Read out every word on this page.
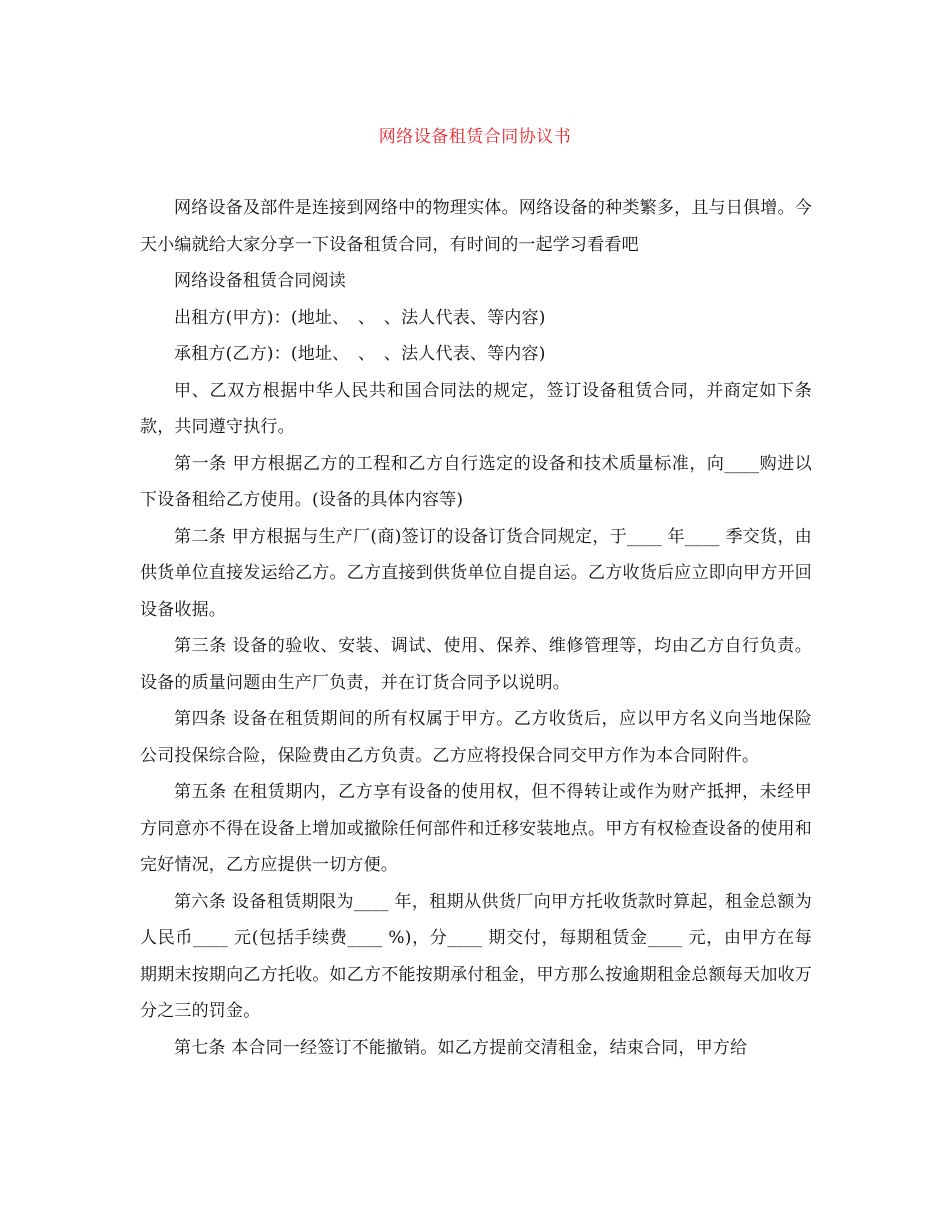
网络设备租赁合同协议书

网络设备及部件是连接到网络中的物理实体。网络设备的种类繁多，且与日俱增。今天小编就给大家分享一下设备租赁合同，有时间的一起学习看看吧

网络设备租赁合同阅读

出租方(甲方)：(地址、　、　、法人代表、等内容)

承租方(乙方)：(地址、　、　、法人代表、等内容)

甲、乙双方根据中华人民共和国合同法的规定，签订设备租赁合同，并商定如下条款，共同遵守执行。

第一条 甲方根据乙方的工程和乙方自行选定的设备和技术质量标准，向____购进以下设备租给乙方使用。(设备的具体内容等)

第二条 甲方根据与生产厂(商)签订的设备订货合同规定，于____ 年____ 季交货，由供货单位直接发运给乙方。乙方直接到供货单位自提自运。乙方收货后应立即向甲方开回设备收据。

第三条 设备的验收、安装、调试、使用、保养、维修管理等，均由乙方自行负责。设备的质量问题由生产厂负责，并在订货合同予以说明。

第四条 设备在租赁期间的所有权属于甲方。乙方收货后，应以甲方名义向当地保险公司投保综合险，保险费由乙方负责。乙方应将投保合同交甲方作为本合同附件。

第五条 在租赁期内，乙方享有设备的使用权，但不得转让或作为财产抵押，未经甲方同意亦不得在设备上增加或撤除任何部件和迁移安装地点。甲方有权检查设备的使用和完好情况，乙方应提供一切方便。

第六条 设备租赁期限为____ 年，租期从供货厂向甲方托收货款时算起，租金总额为人民币____ 元(包括手续费____ %)，分____ 期交付，每期租赁金____ 元，由甲方在每期期末按期向乙方托收。如乙方不能按期承付租金，甲方那么按逾期租金总额每天加收万分之三的罚金。

第七条 本合同一经签订不能撤销。如乙方提前交清租金，结束合同，甲方给
